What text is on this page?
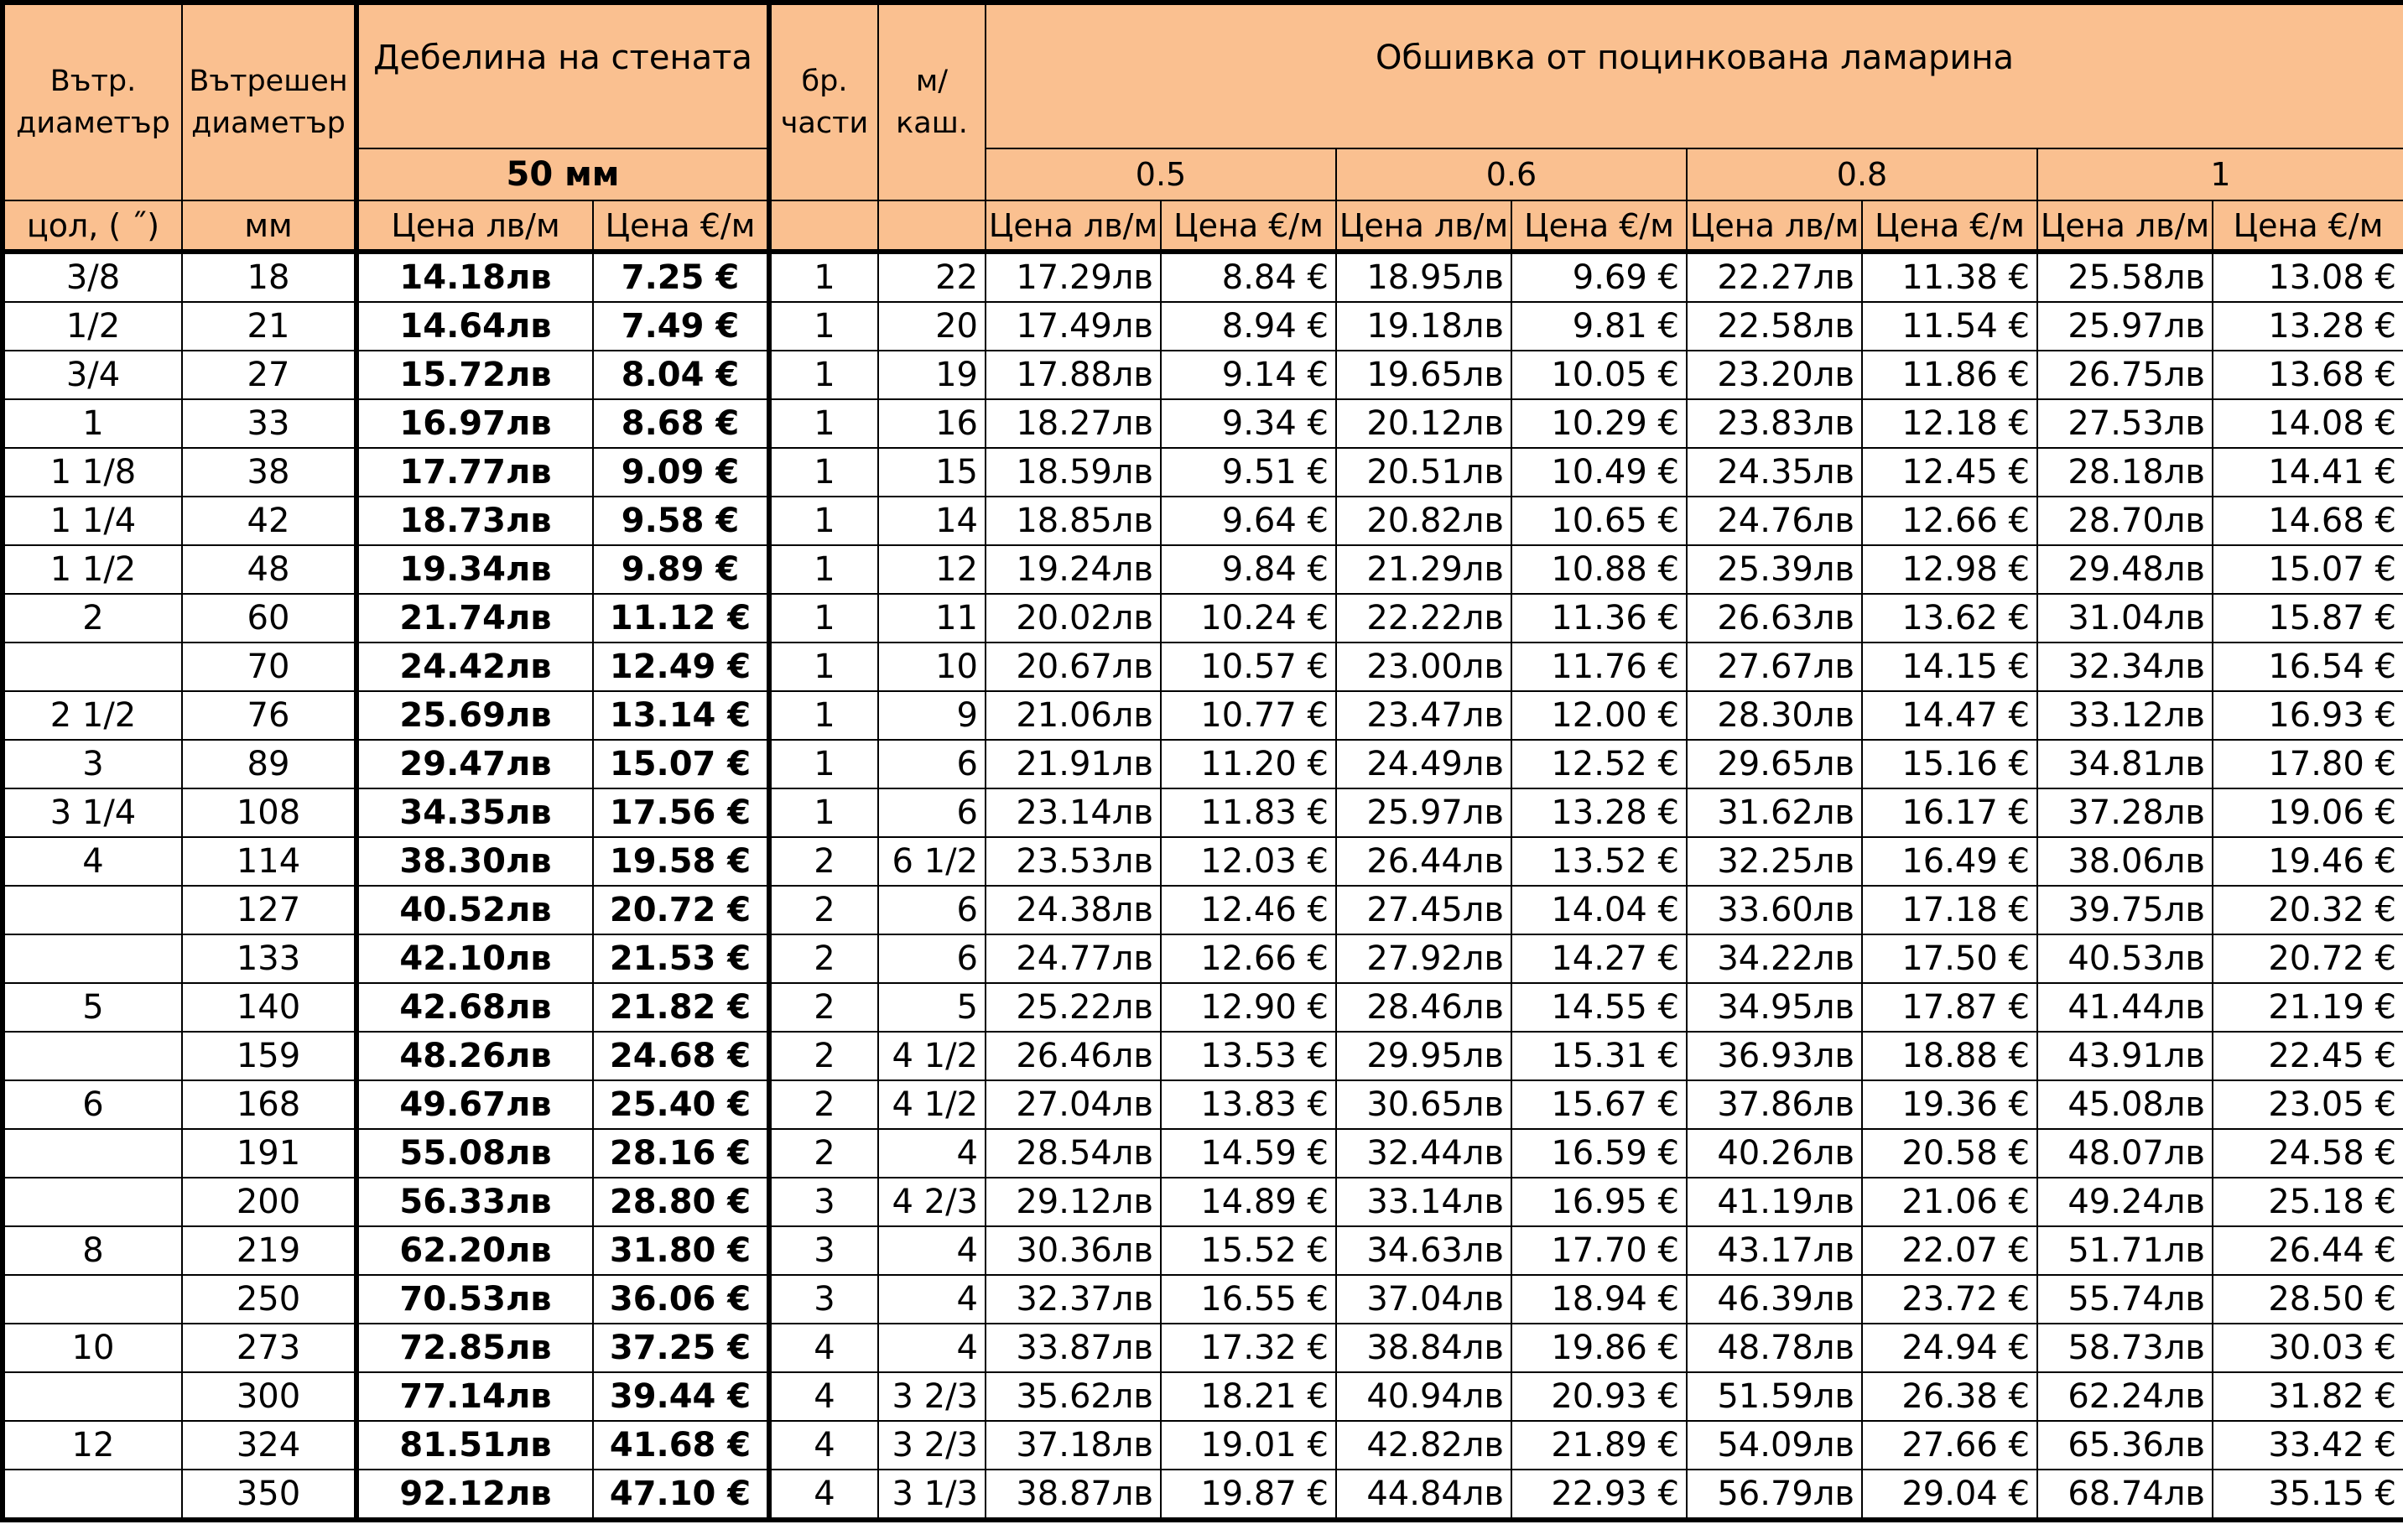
Вътр. диаметър	Вътрешен диаметър	Дебелина на стената		бр. части	м/ каш.	Обшивка от поцинкована ламарина							
		50 мм				0.5		0.6		0.8		1	
цол, ( ˝)	мм	Цена лв/м	Цена €/м			Цена лв/м	Цена €/м	Цена лв/м	Цена €/м	Цена лв/м	Цена €/м	Цена лв/м	Цена €/м
3/8	18	14.18лв	7.25 €	1	22	17.29лв	8.84 €	18.95лв	9.69 €	22.27лв	11.38 €	25.58лв	13.08 €
1/2	21	14.64лв	7.49 €	1	20	17.49лв	8.94 €	19.18лв	9.81 €	22.58лв	11.54 €	25.97лв	13.28 €
3/4	27	15.72лв	8.04 €	1	19	17.88лв	9.14 €	19.65лв	10.05 €	23.20лв	11.86 €	26.75лв	13.68 €
1	33	16.97лв	8.68 €	1	16	18.27лв	9.34 €	20.12лв	10.29 €	23.83лв	12.18 €	27.53лв	14.08 €
1 1/8	38	17.77лв	9.09 €	1	15	18.59лв	9.51 €	20.51лв	10.49 €	24.35лв	12.45 €	28.18лв	14.41 €
1 1/4	42	18.73лв	9.58 €	1	14	18.85лв	9.64 €	20.82лв	10.65 €	24.76лв	12.66 €	28.70лв	14.68 €
1 1/2	48	19.34лв	9.89 €	1	12	19.24лв	9.84 €	21.29лв	10.88 €	25.39лв	12.98 €	29.48лв	15.07 €
2	60	21.74лв	11.12 €	1	11	20.02лв	10.24 €	22.22лв	11.36 €	26.63лв	13.62 €	31.04лв	15.87 €
	70	24.42лв	12.49 €	1	10	20.67лв	10.57 €	23.00лв	11.76 €	27.67лв	14.15 €	32.34лв	16.54 €
2 1/2	76	25.69лв	13.14 €	1	9	21.06лв	10.77 €	23.47лв	12.00 €	28.30лв	14.47 €	33.12лв	16.93 €
3	89	29.47лв	15.07 €	1	6	21.91лв	11.20 €	24.49лв	12.52 €	29.65лв	15.16 €	34.81лв	17.80 €
3 1/4	108	34.35лв	17.56 €	1	6	23.14лв	11.83 €	25.97лв	13.28 €	31.62лв	16.17 €	37.28лв	19.06 €
4	114	38.30лв	19.58 €	2	6 1/2	23.53лв	12.03 €	26.44лв	13.52 €	32.25лв	16.49 €	38.06лв	19.46 €
	127	40.52лв	20.72 €	2	6	24.38лв	12.46 €	27.45лв	14.04 €	33.60лв	17.18 €	39.75лв	20.32 €
	133	42.10лв	21.53 €	2	6	24.77лв	12.66 €	27.92лв	14.27 €	34.22лв	17.50 €	40.53лв	20.72 €
5	140	42.68лв	21.82 €	2	5	25.22лв	12.90 €	28.46лв	14.55 €	34.95лв	17.87 €	41.44лв	21.19 €
	159	48.26лв	24.68 €	2	4 1/2	26.46лв	13.53 €	29.95лв	15.31 €	36.93лв	18.88 €	43.91лв	22.45 €
6	168	49.67лв	25.40 €	2	4 1/2	27.04лв	13.83 €	30.65лв	15.67 €	37.86лв	19.36 €	45.08лв	23.05 €
	191	55.08лв	28.16 €	2	4	28.54лв	14.59 €	32.44лв	16.59 €	40.26лв	20.58 €	48.07лв	24.58 €
	200	56.33лв	28.80 €	3	4 2/3	29.12лв	14.89 €	33.14лв	16.95 €	41.19лв	21.06 €	49.24лв	25.18 €
8	219	62.20лв	31.80 €	3	4	30.36лв	15.52 €	34.63лв	17.70 €	43.17лв	22.07 €	51.71лв	26.44 €
	250	70.53лв	36.06 €	3	4	32.37лв	16.55 €	37.04лв	18.94 €	46.39лв	23.72 €	55.74лв	28.50 €
10	273	72.85лв	37.25 €	4	4	33.87лв	17.32 €	38.84лв	19.86 €	48.78лв	24.94 €	58.73лв	30.03 €
	300	77.14лв	39.44 €	4	3 2/3	35.62лв	18.21 €	40.94лв	20.93 €	51.59лв	26.38 €	62.24лв	31.82 €
12	324	81.51лв	41.68 €	4	3 2/3	37.18лв	19.01 €	42.82лв	21.89 €	54.09лв	27.66 €	65.36лв	33.42 €
	350	92.12лв	47.10 €	4	3 1/3	38.87лв	19.87 €	44.84лв	22.93 €	56.79лв	29.04 €	68.74лв	35.15 €
